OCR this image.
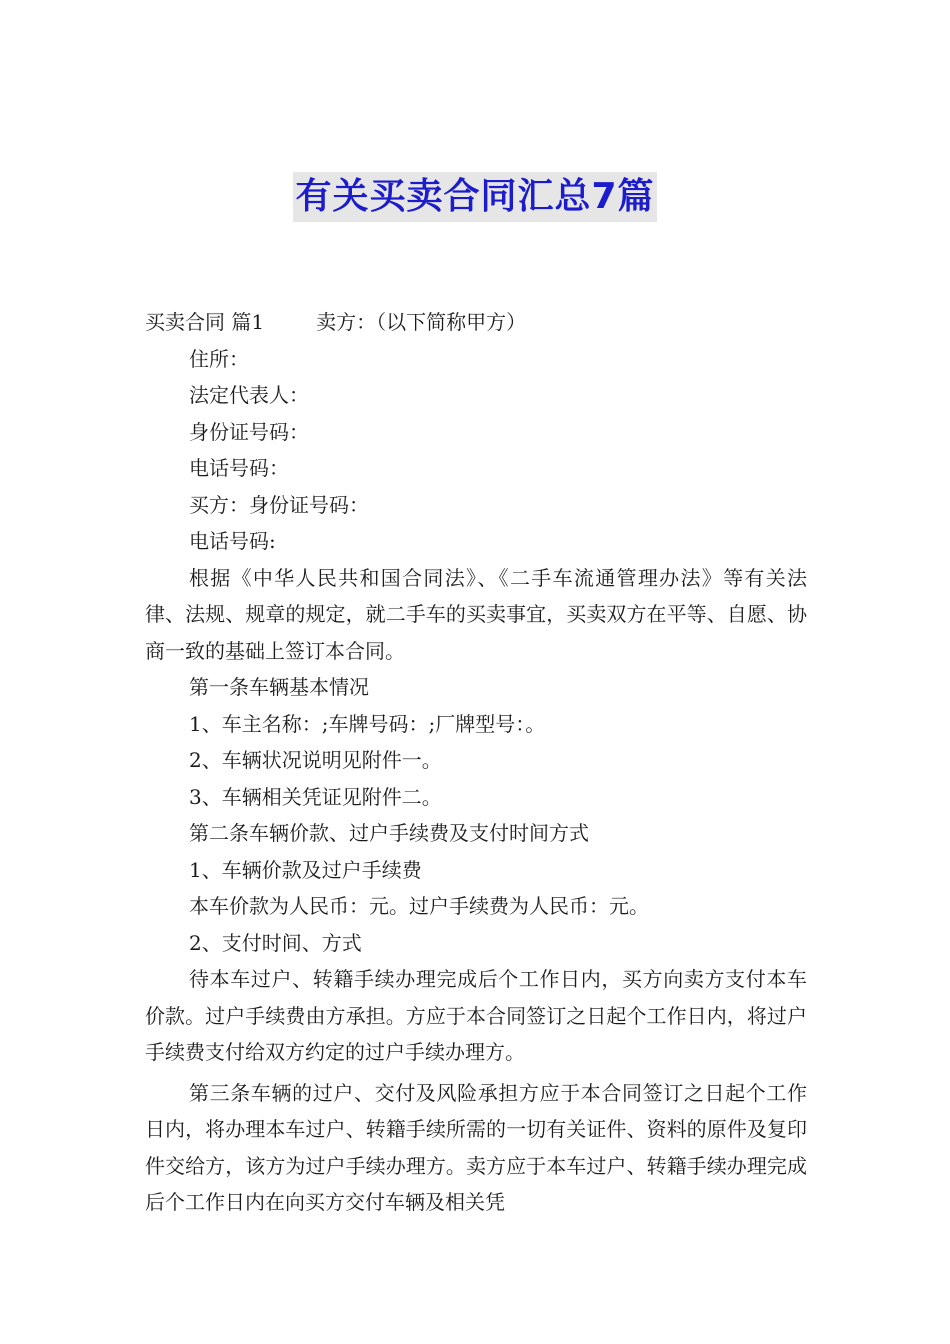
有关买卖合同汇总7篇

买卖合同 篇1	卖方：（以下简称甲方）

住所：

法定代表人：

身份证号码：

电话号码：

买方：身份证号码：

电话号码:

根据《中华人民共和国合同法》、《二手车流通管理办法》等有关法律、法规、规章的规定，就二手车的买卖事宜，买卖双方在平等、自愿、协商一致的基础上签订本合同。

第一条车辆基本情况

1、车主名称：;车牌号码：;厂牌型号：。

2、车辆状况说明见附件一。

3、车辆相关凭证见附件二。

第二条车辆价款、过户手续费及支付时间方式

1、车辆价款及过户手续费

本车价款为人民币：元。过户手续费为人民币：元。

2、支付时间、方式

待本车过户、转籍手续办理完成后个工作日内，买方向卖方支付本车价款。过户手续费由方承担。方应于本合同签订之日起个工作日内，将过户手续费支付给双方约定的过户手续办理方。

第三条车辆的过户、交付及风险承担方应于本合同签订之日起个工作日内，将办理本车过户、转籍手续所需的一切有关证件、资料的原件及复印件交给方，该方为过户手续办理方。卖方应于本车过户、转籍手续办理完成后个工作日内在向买方交付车辆及相关凭
